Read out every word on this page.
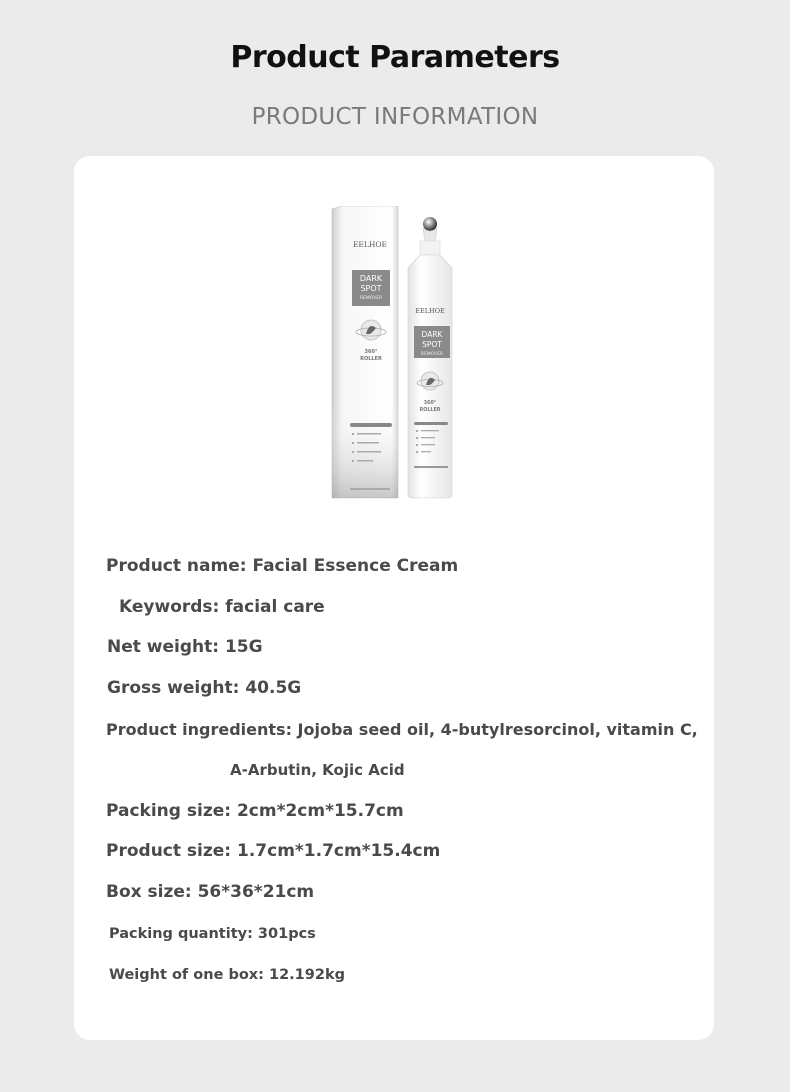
Product Parameters
PRODUCT INFORMATION
EELHOE
DARK
SPOT
REMOVER
360°
ROLLER
EELHOE
DARK
SPOT
REMOVER
360°
ROLLER
Product name: Facial Essence Cream
Keywords: facial care
Net weight: 15G
Gross weight: 40.5G
Product ingredients: Jojoba seed oil, 4-butylresorcinol, vitamin C,
Α-Arbutin, Kojic Acid
Packing size: 2cm*2cm*15.7cm
Product size: 1.7cm*1.7cm*15.4cm
Box size: 56*36*21cm
Packing quantity: 301pcs
Weight of one box: 12.192kg
